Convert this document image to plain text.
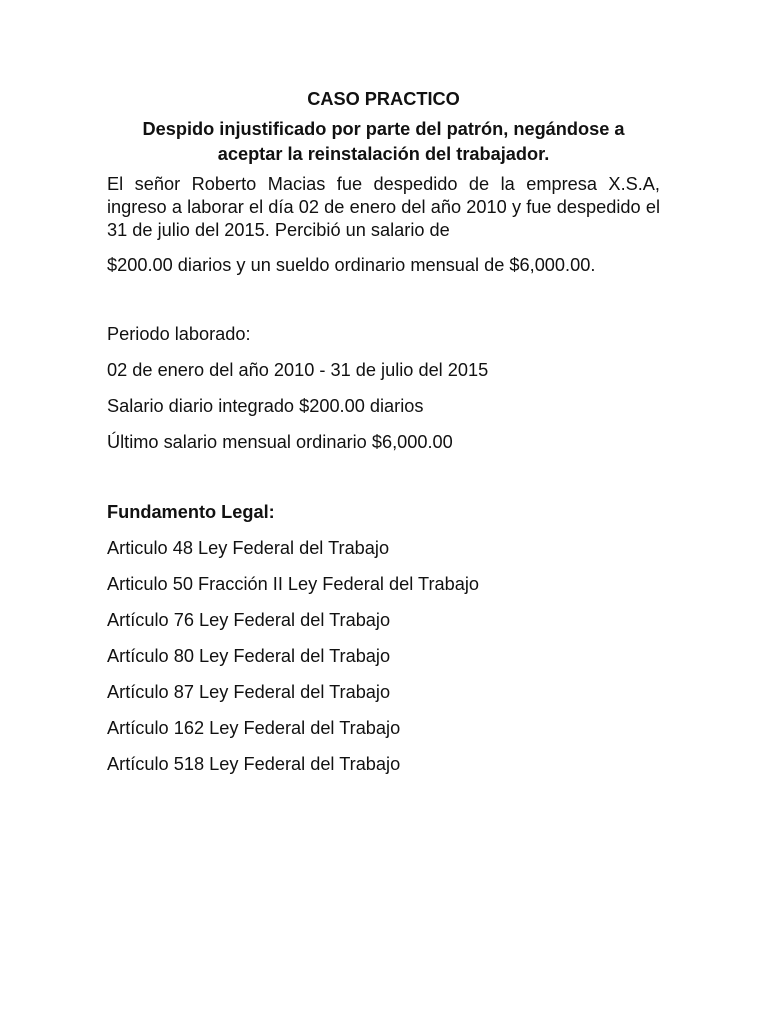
CASO PRACTICO
Despido injustificado por parte del patrón, negándose a
aceptar la reinstalación del trabajador.
El señor Roberto Macias fue despedido de la empresa X.S.A, ingreso a laborar el día 02 de enero del año 2010 y fue despedido el 31 de julio del 2015. Percibió un salario de
$200.00 diarios y un sueldo ordinario mensual de $6,000.00.
Periodo laborado:
02 de enero del año 2010 - 31 de julio del 2015
Salario diario integrado $200.00 diarios
Último salario mensual ordinario $6,000.00
Fundamento Legal:
Articulo 48 Ley Federal del Trabajo
Articulo 50 Fracción II Ley Federal del Trabajo
Artículo 76 Ley Federal del Trabajo
Artículo 80 Ley Federal del Trabajo
Artículo 87 Ley Federal del Trabajo
Artículo 162 Ley Federal del Trabajo
Artículo 518 Ley Federal del Trabajo
